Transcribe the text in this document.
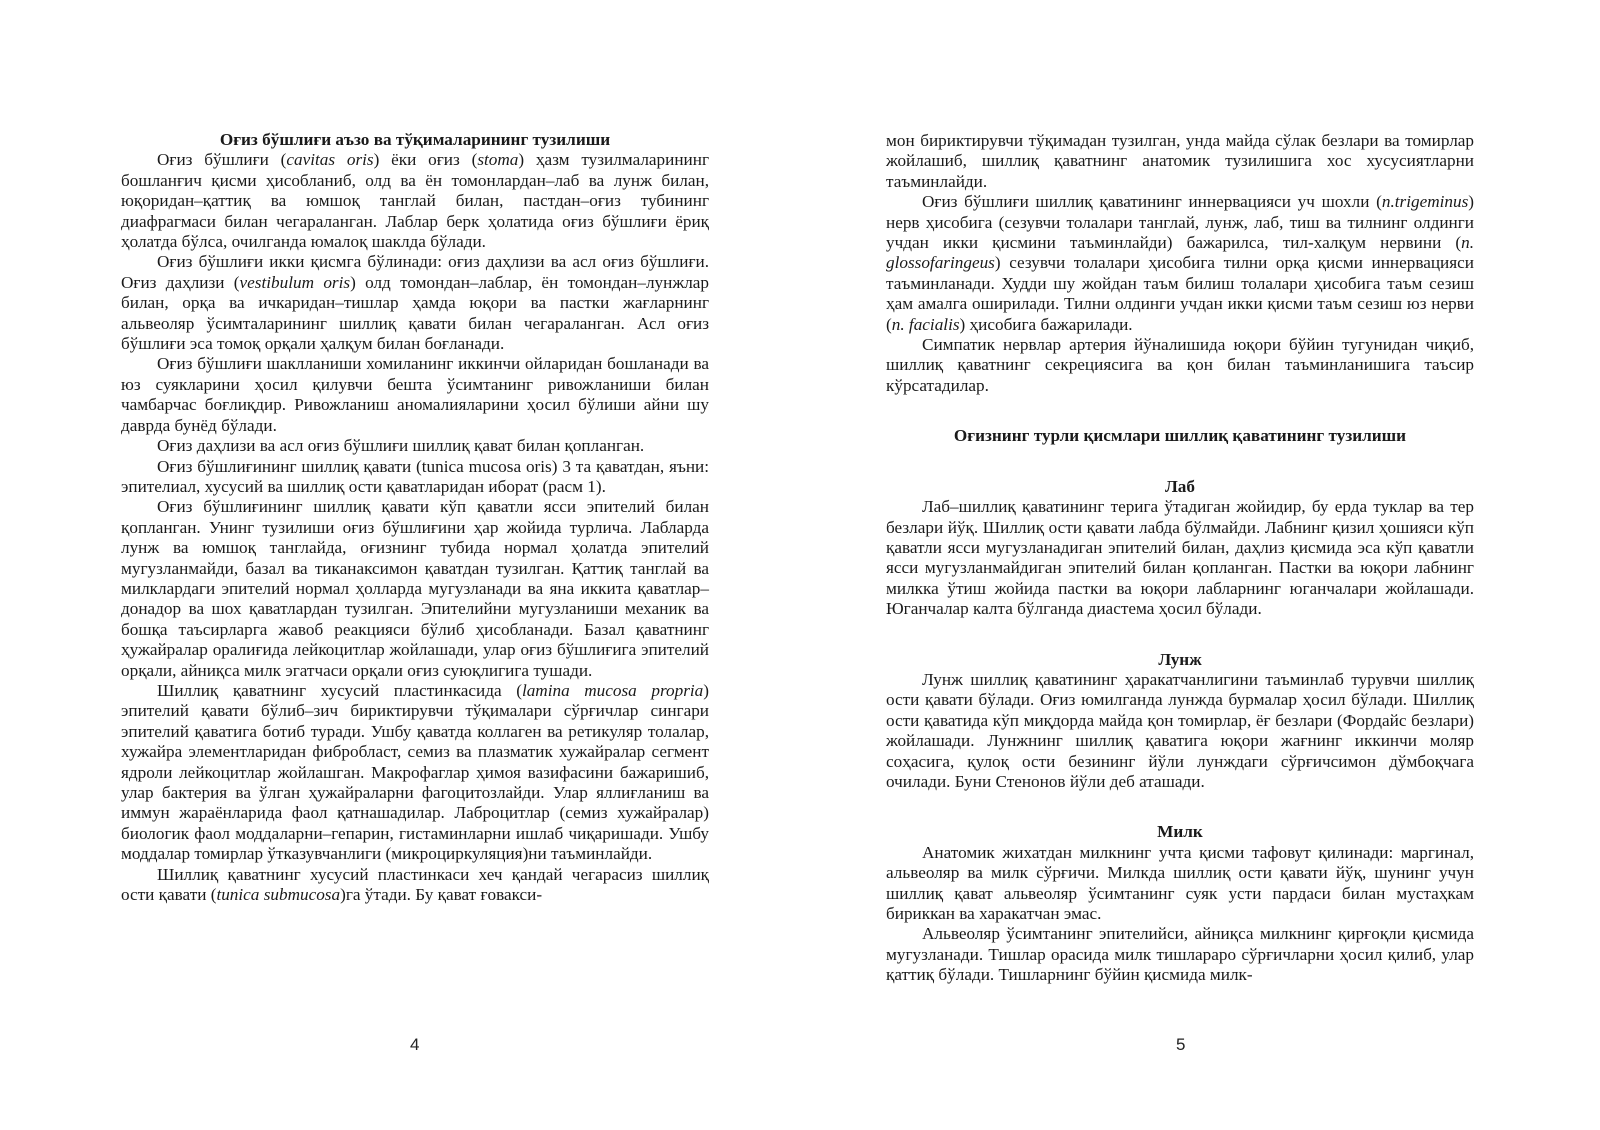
Оғиз бўшлиғи аъзо ва тўқималарининг тузилиши

Оғиз бўшлиғи (cavitas oris) ёки оғиз (stoma) ҳазм тузилмаларининг бошланғич қисми ҳисобланиб, олд ва ён томонлардан–лаб ва лунж билан, юқоридан–қаттиқ ва юмшоқ танглай билан, пастдан–оғиз тубининг диафрагмаси билан чегараланган. Лаблар берк ҳолатида оғиз бўшлиғи ёриқ ҳолатда бўлса, очилганда юмалоқ шаклда бўлади.

Оғиз бўшлиғи икки қисмга бўлинади: оғиз даҳлизи ва асл оғиз бўшлиғи. Оғиз даҳлизи (vestibulum oris) олд томондан–лаблар, ён томондан–лунжлар билан, орқа ва ичкаридан–тишлар ҳамда юқори ва пастки жағларнинг альвеоляр ўсимталарининг шиллиқ қавати билан чегараланган. Асл оғиз бўшлиғи эса томоқ орқали ҳалқум билан боғланади.

Оғиз бўшлиғи шаклланиши хомиланинг иккинчи ойларидан бошланади ва юз суякларини ҳосил қилувчи бешта ўсимтанинг ривожланиши билан чамбарчас боғлиқдир. Ривожланиш аномалияларини ҳосил бўлиши айни шу даврда бунёд бўлади.

Оғиз даҳлизи ва асл оғиз бўшлиғи шиллиқ қават билан қопланган.

Оғиз бўшлиғининг шиллиқ қавати (tunica mucosa oris) 3 та қаватдан, яъни: эпителиал, хусусий ва шиллиқ ости қаватларидан иборат (расм 1).

Оғиз бўшлиғининг шиллиқ қавати кўп қаватли ясси эпителий билан қопланган. Унинг тузилиши оғиз бўшлиғини ҳар жойида турлича. Лабларда лунж ва юмшоқ танглайда, оғизнинг тубида нормал ҳолатда эпителий мугузланмайди, базал ва тиканаксимон қаватдан тузилган. Қаттиқ танглай ва милклардаги эпителий нормал ҳолларда мугузланади ва яна иккита қаватлар–донадор ва шох қаватлардан тузилган. Эпителийни мугузланиши механик ва бошқа таъсирларга жавоб реакцияси бўлиб ҳисобланади. Базал қаватнинг ҳужайралар оралиғида лейкоцитлар жойлашади, улар оғиз бўшлиғига эпителий орқали, айниқса милк эгатчаси орқали оғиз суюқлигига тушади.

Шиллиқ қаватнинг хусусий пластинкасида (lamina mucosa propria) эпителий қавати бўлиб–зич бириктирувчи тўқималари сўрғичлар сингари эпителий қаватига ботиб туради. Ушбу қаватда коллаген ва ретикуляр толалар, хужайра элементларидан фибробласт, семиз ва плазматик хужайралар сегмент ядроли лейкоцитлар жойлашган. Макрофаглар ҳимоя вазифасини бажаришиб, улар бактерия ва ўлган ҳужайраларни фагоцитозлайди. Улар яллиғланиш ва иммун жараёнларида фаол қатнашадилар. Лаброцитлар (семиз хужайралар) биологик фаол моддаларни–гепарин, гистаминларни ишлаб чиқаришади. Ушбу моддалар томирлар ўтказувчанлиги (микроциркуляция)ни таъминлайди.

Шиллиқ қаватнинг хусусий пластинкаси хеч қандай чегарасиз шиллиқ ости қавати (tunica submucosa)га ўтади. Бу қават ғовакси-

мон бириктирувчи тўқимадан тузилган, унда майда сўлак безлари ва томирлар жойлашиб, шиллиқ қаватнинг анатомик тузилишига хос хусусиятларни таъминлайди.

Оғиз бўшлиғи шиллиқ қаватининг иннервацияси уч шохли (n.trigeminus) нерв ҳисобига (сезувчи толалари танглай, лунж, лаб, тиш ва тилнинг олдинги учдан икки қисмини таъминлайди) бажарилса, тил-халқум нервини (n. glossofaringeus) сезувчи толалари ҳисобига тилни орқа қисми иннервацияси таъминланади. Худди шу жойдан таъм билиш толалари ҳисобига таъм сезиш ҳам амалга оширилади. Тилни олдинги учдан икки қисми таъм сезиш юз нерви (n. facialis) ҳисобига бажарилади.

Симпатик нервлар артерия йўналишида юқори бўйин тугунидан чиқиб, шиллиқ қаватнинг секрециясига ва қон билан таъминланишига таъсир кўрсатадилар.

Оғизнинг турли қисмлари шиллиқ қаватининг тузилиши
Лаб

Лаб–шиллиқ қаватининг терига ўтадиган жойидир, бу ерда туклар ва тер безлари йўқ. Шиллиқ ости қавати лабда бўлмайди. Лабнинг қизил ҳошияси кўп қаватли ясси мугузланадиган эпителий билан, даҳлиз қисмида эса кўп қаватли ясси мугузланмайдиган эпителий билан қопланган. Пастки ва юқори лабнинг милкка ўтиш жойида пастки ва юқори лабларнинг юганчалари жойлашади. Юганчалар калта бўлганда диастема ҳосил бўлади.

Лунж

Лунж шиллиқ қаватининг ҳаракатчанлигини таъминлаб турувчи шиллиқ ости қавати бўлади. Оғиз юмилганда лунжда бурмалар ҳосил бўлади. Шиллиқ ости қаватида кўп миқдорда майда қон томирлар, ёғ безлари (Фордайс безлари) жойлашади. Лунжнинг шиллиқ қаватига юқори жағнинг иккинчи моляр соҳасига, қулоқ ости безининг йўли лунждаги сўрғичсимон дўмбоқчага очилади. Буни Стенонов йўли деб аташади.

Милк

Анатомик жихатдан милкнинг учта қисми тафовут қилинади: маргинал, альвеоляр ва милк сўрғичи. Милкда шиллиқ ости қавати йўқ, шунинг учун шиллиқ қават альвеоляр ўсимтанинг суяк усти пардаси билан мустаҳкам бириккан ва харакатчан эмас.

Альвеоляр ўсимтанинг эпителийси, айниқса милкнинг қирғоқли қисмида мугузланади. Тишлар орасида милк тишлараро сўрғичларни ҳосил қилиб, улар қаттиқ бўлади. Тишларнинг бўйин қисмида милк-

4	5
